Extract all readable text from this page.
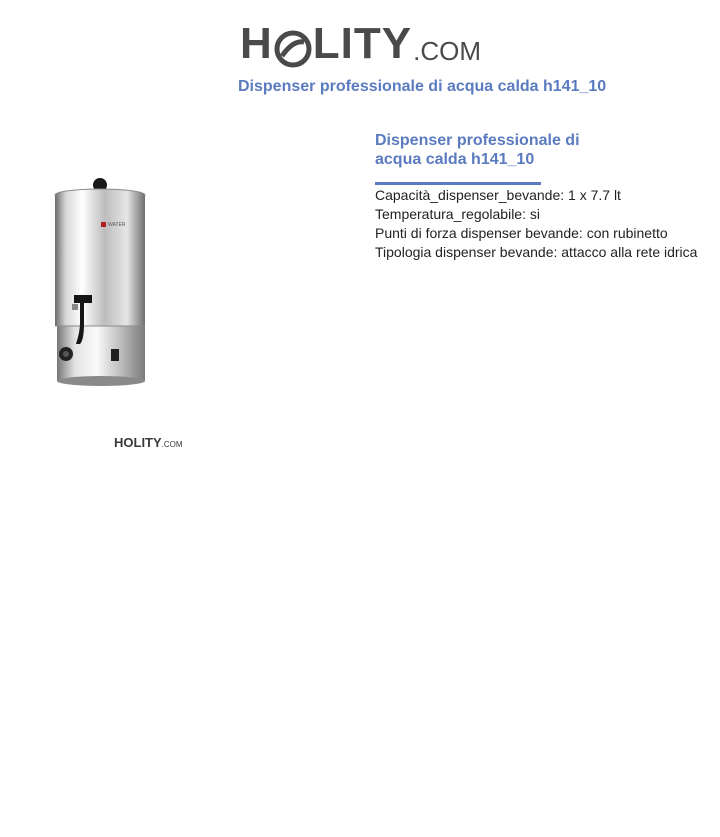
H LITY .COM
Dispenser professionale di acqua calda h141_10
WATER
HOLITY.COM
Dispenser professionale di acqua calda h141_10
Capacità_dispenser_bevande: 1 x 7.7 lt
Temperatura_regolabile: si
Punti di forza dispenser bevande: con rubinetto
Tipologia dispenser bevande: attacco alla rete idrica
